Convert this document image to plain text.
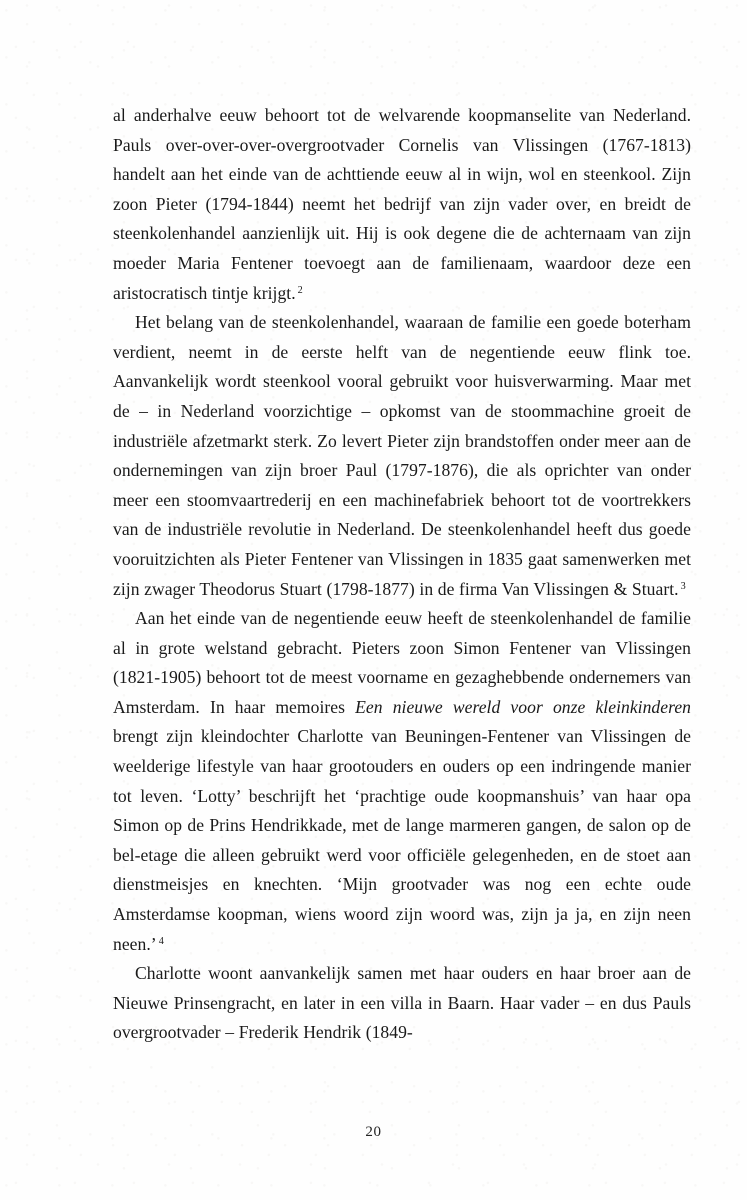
al anderhalve eeuw behoort tot de welvarende koopmanselite van Nederland. Pauls over-over-over-overgrootvader Cornelis van Vlissingen (1767-1813) handelt aan het einde van de achttiende eeuw al in wijn, wol en steenkool. Zijn zoon Pieter (1794-1844) neemt het bedrijf van zijn vader over, en breidt de steenkolenhandel aanzienlijk uit. Hij is ook degene die de achternaam van zijn moeder Maria Fentener toevoegt aan de familienaam, waardoor deze een aristocratisch tintje krijgt. $^2$

Het belang van de steenkolenhandel, waaraan de familie een goede boterham verdient, neemt in de eerste helft van de negentiende eeuw flink toe. Aanvankelijk wordt steenkool vooral gebruikt voor huisverwarming. Maar met de – in Nederland voorzichtige – opkomst van de stoommachine groeit de industriële afzetmarkt sterk. Zo levert Pieter zijn brandstoffen onder meer aan de ondernemingen van zijn broer Paul (1797-1876), die als oprichter van onder meer een stoomvaartrederij en een machinefabriek behoort tot de voortrekkers van de industriële revolutie in Nederland. De steenkolenhandel heeft dus goede vooruitzichten als Pieter Fentener van Vlissingen in 1835 gaat samenwerken met zijn zwager Theodorus Stuart (1798-1877) in de firma Van Vlissingen & Stuart. $^3$

Aan het einde van de negentiende eeuw heeft de steenkolenhandel de familie al in grote welstand gebracht. Pieters zoon Simon Fentener van Vlissingen (1821-1905) behoort tot de meest voorname en gezaghebbende ondernemers van Amsterdam. In haar memoires Een nieuwe wereld voor onze kleinkinderen brengt zijn kleindochter Charlotte van Beuningen-Fentener van Vlissingen de weelderige lifestyle van haar grootouders en ouders op een indringende manier tot leven. ‘Lotty’ beschrijft het ‘prachtige oude koopmanshuis’ van haar opa Simon op de Prins Hendrikkade, met de lange marmeren gangen, de salon op de bel-etage die alleen gebruikt werd voor officiële gelegenheden, en de stoet aan dienstmeisjes en knechten. ‘Mijn grootvader was nog een echte oude Amsterdamse koopman, wiens woord zijn woord was, zijn ja ja, en zijn neen neen.’ $^4$

Charlotte woont aanvankelijk samen met haar ouders en haar broer aan de Nieuwe Prinsengracht, en later in een villa in Baarn. Haar vader – en dus Pauls overgrootvader – Frederik Hendrik (1849-

20
